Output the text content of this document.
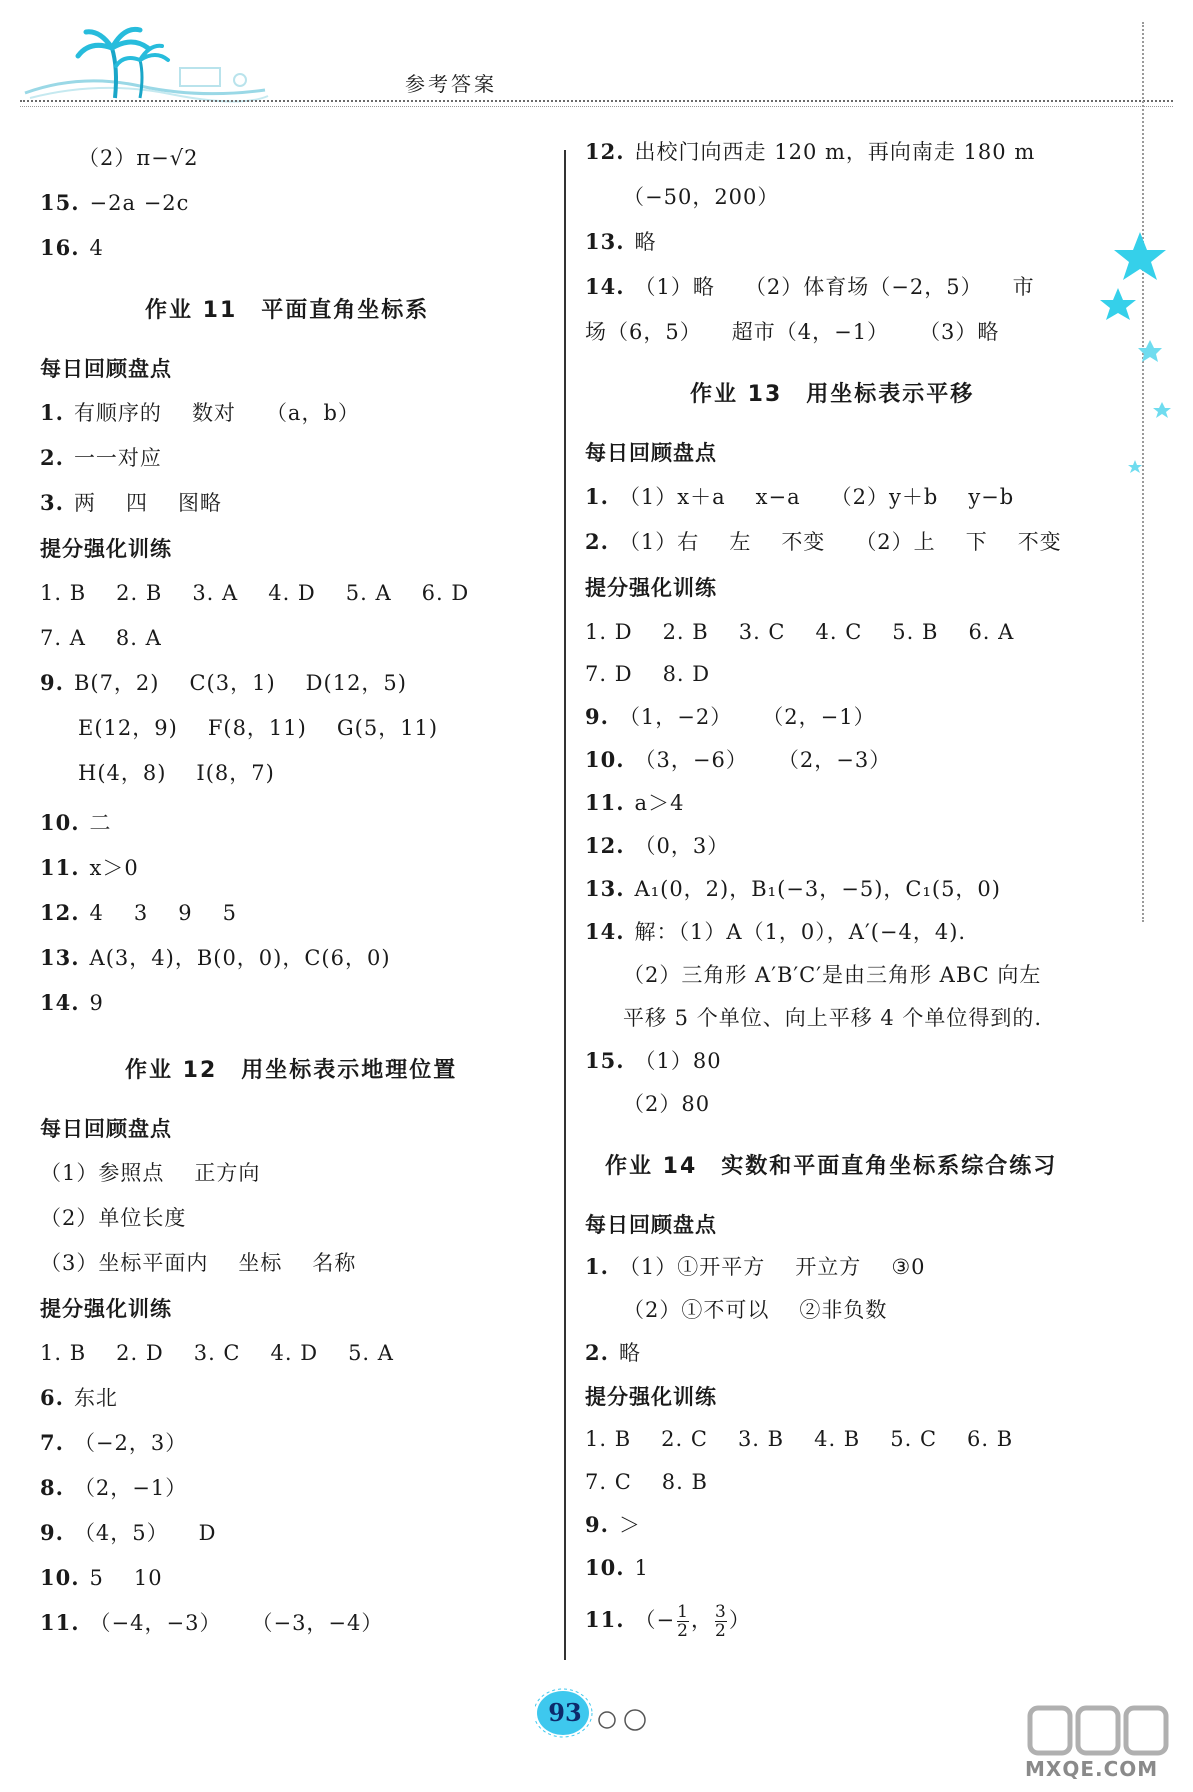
参考答案
（2）π−√2
15. −2a −2c
16. 4
作业 11　平面直角坐标系
每日回顾盘点
1. 有顺序的 数对 （a，b）
2. 一一对应
3. 两 四 图略
提分强化训练
1. B 2. B 3. A 4. D 5. A 6. D
7. A 8. A
9. B(7，2) C(3，1) D(12，5)
E(12，9) F(8，11) G(5，11)
H(4，8) I(8，7)
10. 二
11. x＞0
12. 4 3 9 5
13. A(3，4)，B(0，0)，C(6，0)
14. 9
作业 12　用坐标表示地理位置
每日回顾盘点
（1）参照点 正方向
（2）单位长度
（3）坐标平面内 坐标 名称
提分强化训练
1. B 2. D 3. C 4. D 5. A
6. 东北
7. （−2，3）
8. （2，−1）
9. （4，5） D
10. 5 10
11. （−4，−3） （−3，−4）
12. 出校门向西走 120 m，再向南走 180 m
（−50，200）
13. 略
14. （1）略 （2）体育场（−2，5） 市
场（6，5） 超市（4，−1） （3）略
作业 13　用坐标表示平移
每日回顾盘点
1. （1）x＋a x−a （2）y＋b y−b
2. （1）右 左 不变 （2）上 下 不变
提分强化训练
1. D 2. B 3. C 4. C 5. B 6. A
7. D 8. D
9. （1，−2） （2，−1）
10. （3，−6） （2，−3）
11. a＞4
12. （0，3）
13. A₁(0，2)，B₁(−3，−5)，C₁(5，0)
14. 解：（1）A（1，0），A′(−4，4).
（2）三角形 A′B′C′是由三角形 ABC 向左
平移 5 个单位、向上平移 4 个单位得到的.
15. （1）80
（2）80
作业 14　实数和平面直角坐标系综合练习
每日回顾盘点
1. （1）①开平方 开立方 ③0
（2）①不可以 ②非负数
2. 略
提分强化训练
1. B 2. C 3. B 4. B 5. C 6. B
7. C 8. B
9. ＞
10. 1
11. （− $\frac{1}{2}$ ， $\frac{3}{2}$ ）
93
MXQE.COM
